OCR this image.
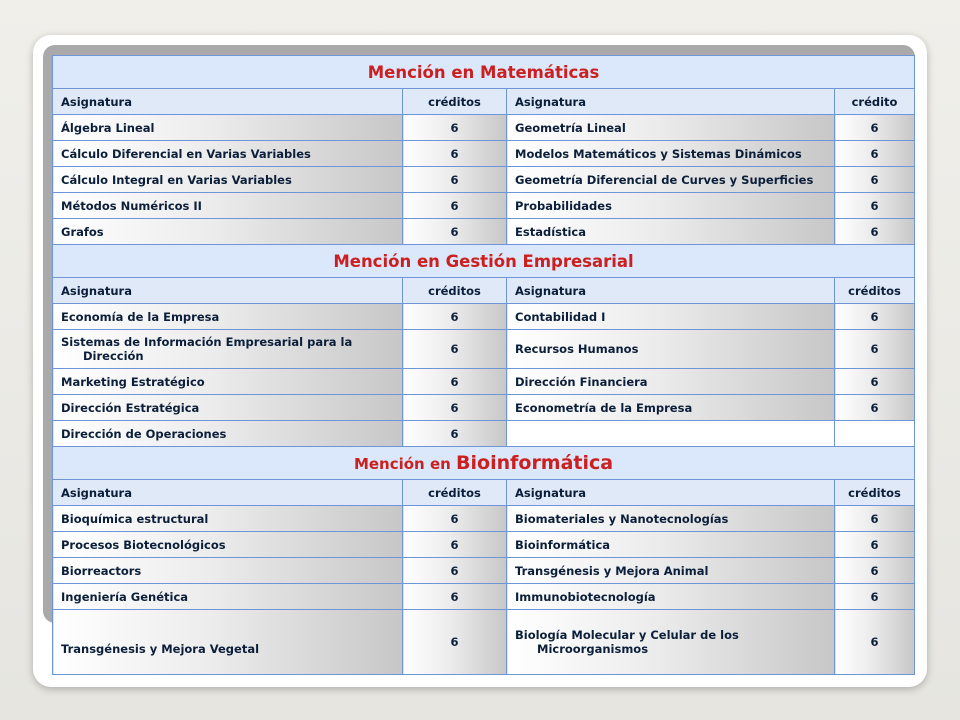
Mención en Matemáticas			
Asignatura	créditos	Asignatura	crédito
Álgebra Lineal	6	Geometría Lineal	6
Cálculo Diferencial en Varias Variables	6	Modelos Matemáticos y Sistemas Dinámicos	6
Cálculo Integral en Varias Variables	6	Geometría Diferencial de Curves y Superficies	6
Métodos Numéricos II	6	Probabilidades	6
Grafos	6	Estadística	6
Mención en Gestión Empresarial			
Asignatura	créditos	Asignatura	créditos
Economía de la Empresa	6	Contabilidad I	6

Sistemas de Información Empresarial para la Dirección	6	Recursos Humanos	6
Marketing Estratégico	6	Dirección Financiera	6
Dirección Estratégica	6	Econometría de la Empresa	6
Dirección de Operaciones	6		
Mención en Bioinformática			
Asignatura	créditos	Asignatura	créditos
Bioquímica estructural	6	Biomateriales y Nanotecnologías	6
Procesos Biotecnológicos	6	Bioinformática	6
Biorreactors	6	Transgénesis y Mejora Animal	6
Ingeniería Genética	6	Immunobiotecnología	6
Transgénesis y Mejora Vegetal	6	Biología Molecular y Celular de los Microorganismos	6
